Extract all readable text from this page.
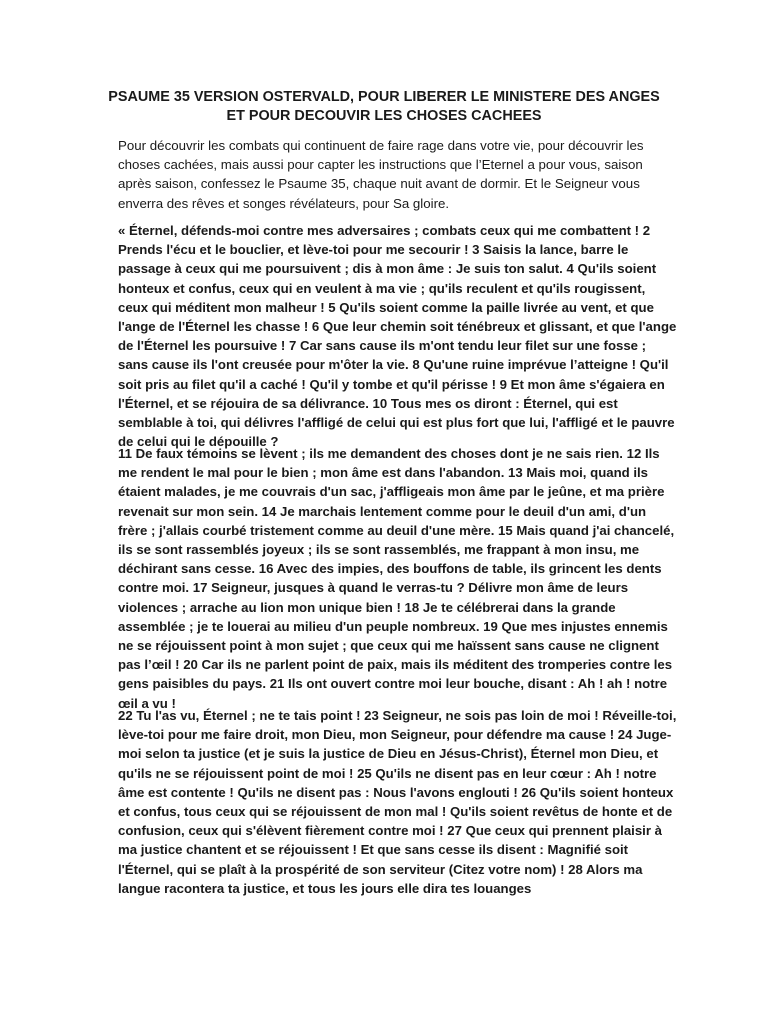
PSAUME 35 VERSION OSTERVALD, POUR LIBERER LE MINISTERE DES ANGES ET POUR DECOUVIR LES CHOSES CACHEES

Pour découvrir les combats qui continuent de faire rage dans votre vie, pour découvrir les choses cachées, mais aussi pour capter les instructions que l’Eternel a pour vous, saison après saison, confessez le Psaume 35, chaque nuit avant de dormir. Et le Seigneur vous enverra des rêves et songes révélateurs, pour Sa gloire.

« Éternel, défends-moi contre mes adversaires ; combats ceux qui me combattent ! 2 Prends l'écu et le bouclier, et lève-toi pour me secourir ! 3 Saisis la lance, barre le passage à ceux qui me poursuivent ; dis à mon âme : Je suis ton salut. 4 Qu'ils soient honteux et confus, ceux qui en veulent à ma vie ; qu'ils reculent et qu'ils rougissent, ceux qui méditent mon malheur ! 5 Qu'ils soient comme la paille livrée au vent, et que l'ange de l'Éternel les chasse ! 6 Que leur chemin soit ténébreux et glissant, et que l'ange de l'Éternel les poursuive ! 7 Car sans cause ils m'ont tendu leur filet sur une fosse ; sans cause ils l'ont creusée pour m'ôter la vie. 8 Qu'une ruine imprévue l’atteigne ! Qu'il soit pris au filet qu'il a caché ! Qu'il y tombe et qu'il périsse ! 9 Et mon âme s'égaiera en l'Éternel, et se réjouira de sa délivrance. 10 Tous mes os diront : Éternel, qui est semblable à toi, qui délivres l'affligé de celui qui est plus fort que lui, l'affligé et le pauvre de celui qui le dépouille ?

11 De faux témoins se lèvent ; ils me demandent des choses dont je ne sais rien. 12 Ils me rendent le mal pour le bien ; mon âme est dans l'abandon. 13 Mais moi, quand ils étaient malades, je me couvrais d'un sac, j'affligeais mon âme par le jeûne, et ma prière revenait sur mon sein. 14 Je marchais lentement comme pour le deuil d'un ami, d'un frère ; j'allais courbé tristement comme au deuil d'une mère. 15 Mais quand j'ai chancelé, ils se sont rassemblés joyeux ; ils se sont rassemblés, me frappant à mon insu, me déchirant sans cesse. 16 Avec des impies, des bouffons de table, ils grincent les dents contre moi. 17 Seigneur, jusques à quand le verras-tu ? Délivre mon âme de leurs violences ; arrache au lion mon unique bien ! 18 Je te célébrerai dans la grande assemblée ; je te louerai au milieu d'un peuple nombreux. 19 Que mes injustes ennemis ne se réjouissent point à mon sujet ; que ceux qui me haïssent sans cause ne clignent pas l’œil ! 20 Car ils ne parlent point de paix, mais ils méditent des tromperies contre les gens paisibles du pays. 21 Ils ont ouvert contre moi leur bouche, disant : Ah ! ah ! notre œil a vu !

22 Tu l'as vu, Éternel ; ne te tais point ! 23 Seigneur, ne sois pas loin de moi ! Réveille-toi, lève-toi pour me faire droit, mon Dieu, mon Seigneur, pour défendre ma cause ! 24 Juge-moi selon ta justice (et je suis la justice de Dieu en Jésus-Christ), Éternel mon Dieu, et qu'ils ne se réjouissent point de moi ! 25 Qu'ils ne disent pas en leur cœur : Ah ! notre âme est contente ! Qu'ils ne disent pas : Nous l'avons englouti ! 26 Qu'ils soient honteux et confus, tous ceux qui se réjouissent de mon mal ! Qu'ils soient revêtus de honte et de confusion, ceux qui s'élèvent fièrement contre moi ! 27 Que ceux qui prennent plaisir à ma justice chantent et se réjouissent ! Et que sans cesse ils disent : Magnifié soit l'Éternel, qui se plaît à la prospérité de son serviteur (Citez votre nom) ! 28 Alors ma langue racontera ta justice, et tous les jours elle dira tes louanges
